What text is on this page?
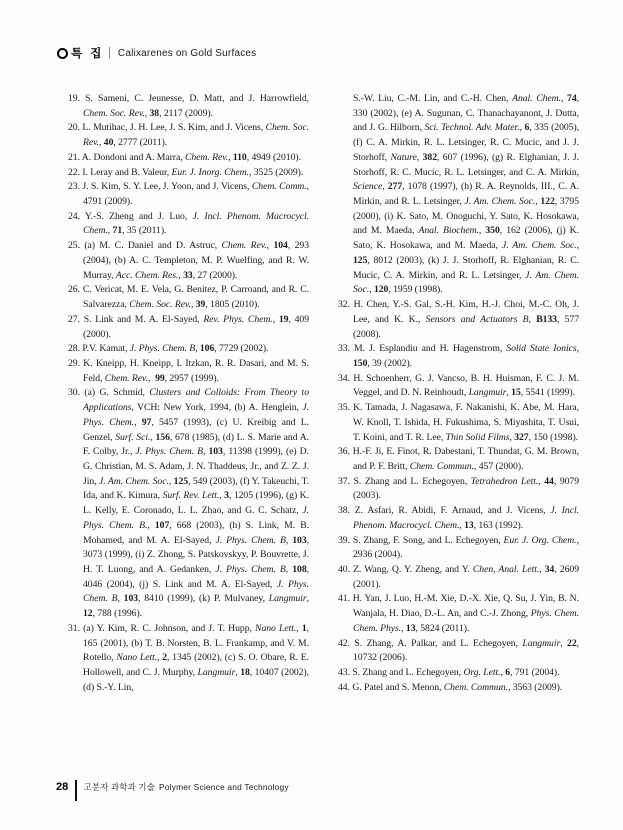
특 집 | Calixarenes on Gold Surfaces
19. S. Sameni, C. Jeunesse, D. Matt, and J. Harrowfield, Chem. Soc. Rev., 38, 2117 (2009).
20. L. Mutihac, J. H. Lee, J. S. Kim, and J. Vicens, Chem. Soc. Rev., 40, 2777 (2011).
21. A. Dondoni and A. Marra, Chem. Rev., 110, 4949 (2010).
22. I. Leray and B. Valeur, Eur. J. Inorg. Chem., 3525 (2009).
23. J. S. Kim, S. Y. Lee, J. Yoon, and J. Vicens, Chem. Comm., 4791 (2009).
24. Y.-S. Zheng and J. Luo, J. Incl. Phenom. Macrocycl. Chem., 71, 35 (2011).
25. (a) M. C. Daniel and D. Astruc, Chem. Rev., 104, 293 (2004), (b) A. C. Templeton, M. P. Wuelfing, and R. W. Murray, Acc. Chem. Res., 33, 27 (2000).
26. C. Vericat, M. E. Vela, G. Benitez, P. Carroand, and R. C. Salvarezza, Chem. Soc. Rev., 39, 1805 (2010).
27. S. Link and M. A. El-Sayed, Rev. Phys. Chem., 19, 409 (2000).
28. P.V. Kamat, J. Phys. Chem. B, 106, 7729 (2002).
29. K. Kneipp, H. Kneipp, I. Itzkan, R. R. Dasari, and M. S. Feld, Chem. Rev.,  99, 2957 (1999).
30. (a) G. Schmid, Clusters and Colloids: From Theory to Applications, VCH: New York, 1994, (b) A. Henglein, J. Phys. Chem., 97, 5457 (1993), (c) U. Kreibig and L. Genzel, Surf. Sci., 156, 678 (1985), (d) L. S. Marie and A. F. Colby, Jr., J. Phys. Chem. B, 103, 11398 (1999), (e) D. G. Christian, M. S. Adam, J. N. Thaddeus, Jr., and Z. Z. J. Jin, J. Am. Chem. Soc., 125, 549 (2003), (f) Y. Takeuchi, T. Ida, and K. Kimura, Surf. Rev. Lett., 3, 1205 (1996), (g) K. L. Kelly, E. Coronado, L. L. Zhao, and G. C. Schatz, J. Phys. Chem. B., 107, 668 (2003), (h) S. Link, M. B. Mohamed, and M. A. El-Sayed, J. Phys. Chem. B, 103, 3073 (1999), (i) Z. Zhong, S. Patskovskyy, P. Bouvrette, J. H. T. Luong, and A. Gedanken, J. Phys. Chem. B, 108, 4046 (2004), (j) S. Link and M. A. El-Sayed, J. Phys. Chem. B, 103, 8410 (1999), (k) P. Mulvaney, Langmuir, 12, 788 (1996).
31. (a) Y. Kim, R. C. Johnson, and J. T. Hupp, Nano Lett., 1, 165 (2001), (b) T. B. Norsten, B. L. Frankamp, and V. M. Rotello, Nano Lett., 2, 1345 (2002), (c) S. O. Obare, R. E. Hollowell, and C. J. Murphy, Langmuir, 18, 10407 (2002), (d) S.-Y. Lin,
S.-W. Liu, C.-M. Lin, and C.-H. Chen, Anal. Chem., 74, 330 (2002), (e) A. Sugunan, C. Thanachayanont, J. Dutta, and J. G. Hilborn, Sci. Technol. Adv. Mater., 6, 335 (2005), (f) C. A. Mirkin, R. L. Letsinger, R. C. Mucic, and J. J. Storhoff, Nature, 382, 607 (1996), (g) R. Elghanian, J. J. Storhoff, R. C. Mucic, R. L. Letsinger, and C. A. Mirkin, Science, 277, 1078 (1997), (h) R. A. Reynolds, III., C. A. Mirkin, and R. L. Letsinger, J. Am. Chem. Soc., 122, 3795 (2000), (i) K. Sato, M. Onoguchi, Y. Sato, K. Hosokawa, and M. Maeda, Anal. Biochem., 350, 162 (2006), (j) K. Sato, K. Hosokawa, and M. Maeda, J. Am. Chem. Soc., 125, 8012 (2003), (k) J. J. Storhoff, R. Elghanian, R. C. Mucic, C. A. Mirkin, and R. L. Letsinger, J. Am. Chem. Soc., 120, 1959 (1998).
32. H. Chen, Y.-S. Gal, S.-H. Kim, H.-J. Choi, M.-C. Oh, J. Lee, and K. K., Sensors and Actuators B, B133, 577 (2008).
33. M. J. Esplandiu and H. Hagenstrom, Solid State Ionics, 150, 39 (2002).
34. H. Schoenherr, G. J. Vancso, B. H. Huisman, F. C. J. M. Veggel, and D. N. Reinhoudt, Langmuir, 15, 5541 (1999).
35. K. Tamada, J. Nagasawa, F. Nakanishi, K. Abe, M. Hara, W. Knoll, T. Ishida, H. Fukushima, S. Miyashita, T. Usui, T. Koini, and T. R. Lee, Thin Solid Films, 327, 150 (1998).
36. H.-F. Ji, E. Finot, R. Dabestani, T. Thundat, G. M. Brown, and P. F. Britt, Chem. Commun., 457 (2000).
37. S. Zhang and L. Echegoyen, Tetrahedron Lett., 44, 9079 (2003).
38. Z. Asfari, R. Abidi, F. Arnaud, and J. Vicens, J. Incl. Phenom. Macrocycl. Chem., 13, 163 (1992).
39. S. Zhang, F. Song, and L. Echegoyen, Eur. J. Org. Chem., 2936 (2004).
40. Z. Wang, Q. Y. Zheng, and Y. Chen, Anal. Lett., 34, 2609 (2001).
41. H. Yan, J. Luo, H.-M. Xie, D.-X. Xie, Q. Su, J. Yin, B. N. Wanjala, H. Diao, D.-L. An, and C.-J. Zhong, Phys. Chem. Chem. Phys., 13, 5824 (2011).
42. S. Zhang, A. Palkar, and L. Echegoyen, Langmuir, 22, 10732 (2006).
43. S. Zhang and L. Echegoyen, Org. Lett., 6, 791 (2004).
44. G. Patel and S. Menon, Chem. Commun., 3563 (2009).
28 고분자 과학과 기술 Polymer Science and Technology
